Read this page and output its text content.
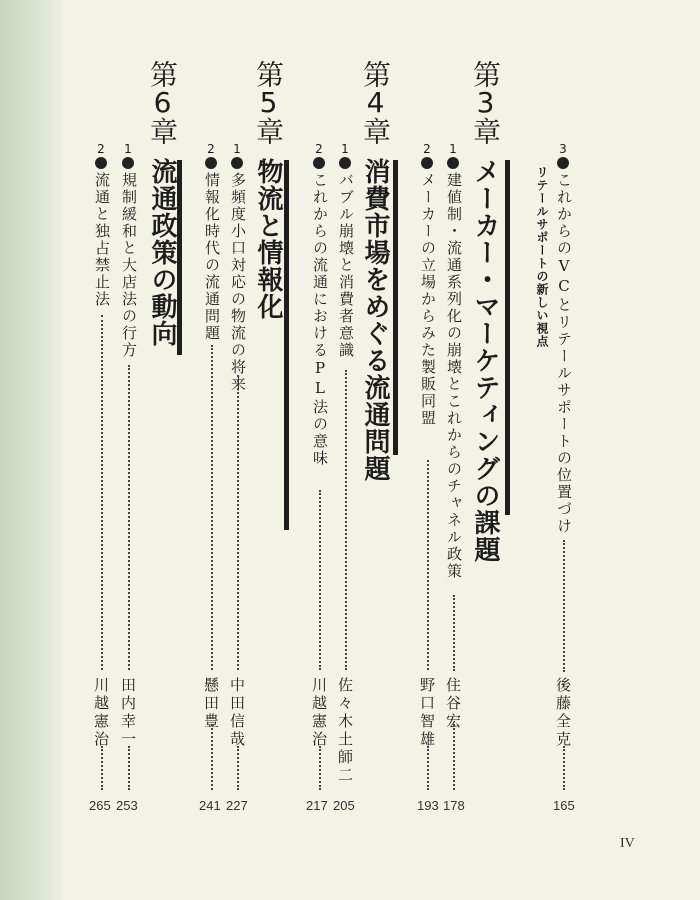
3
これからのVCとリテールサポートの位置づけ
リテールサポートの新しい視点
後藤全克
165
第3章
メーカー・マーケティングの課題
1
建値制・流通系列化の崩壊とこれからのチャネル政策
住谷宏
178
2
メーカーの立場からみた製販同盟
野口智雄
193
第4章
消費市場をめぐる流通問題
1
バブル崩壊と消費者意識
佐々木土師二
205
2
これからの流通におけるPL法の意味
川越憲治
217
第5章
物流と情報化
1
多頻度小口対応の物流の将来
中田信哉
227
2
情報化時代の流通問題
懸田豊
241
第6章
流通政策の動向
1
規制緩和と大店法の行方
田内幸一
253
2
流通と独占禁止法
川越憲治
265
IV
